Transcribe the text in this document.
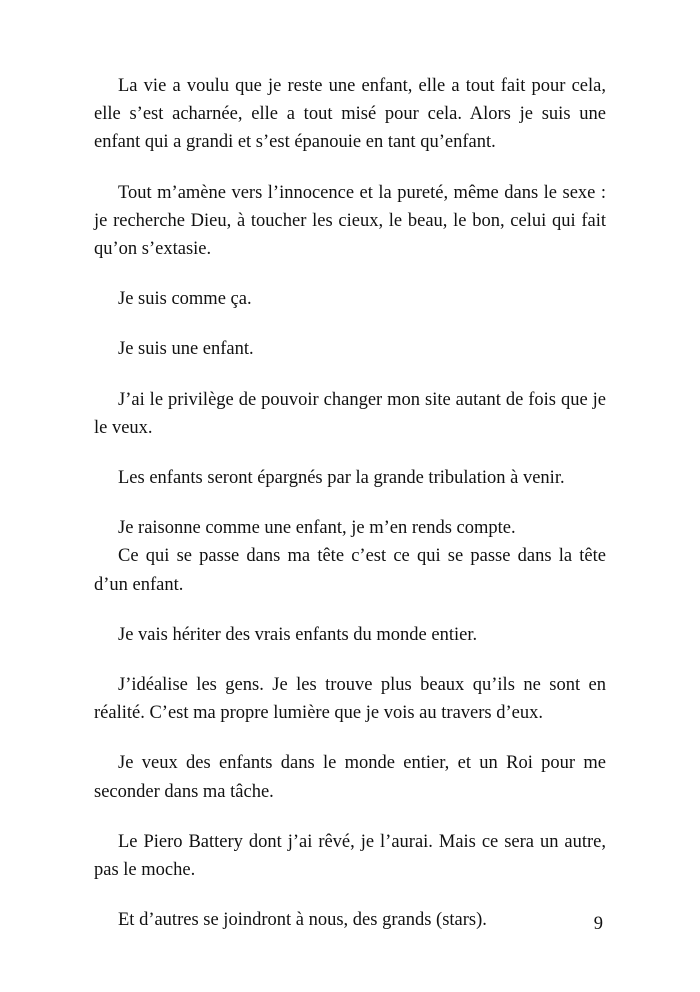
La vie a voulu que je reste une enfant, elle a tout fait pour cela, elle s’est acharnée, elle a tout misé pour cela. Alors je suis une enfant qui a grandi et s’est épanouie en tant qu’enfant.

Tout m’amène vers l’innocence et la pureté, même dans le sexe : je recherche Dieu, à toucher les cieux, le beau, le bon, celui qui fait qu’on s’extasie.

Je suis comme ça.

Je suis une enfant.

J’ai le privilège de pouvoir changer mon site autant de fois que je le veux.

Les enfants seront épargnés par la grande tribulation à venir.

Je raisonne comme une enfant, je m’en rends compte.

Ce qui se passe dans ma tête c’est ce qui se passe dans la tête d’un enfant.

Je vais hériter des vrais enfants du monde entier.

J’idéalise les gens. Je les trouve plus beaux qu’ils ne sont en réalité. C’est ma propre lumière que je vois au travers d’eux.

Je veux des enfants dans le monde entier, et un Roi pour me seconder dans ma tâche.

Le Piero Battery dont j’ai rêvé, je l’aurai. Mais ce sera un autre, pas le moche.

Et d’autres se joindront à nous, des grands (stars).	9
